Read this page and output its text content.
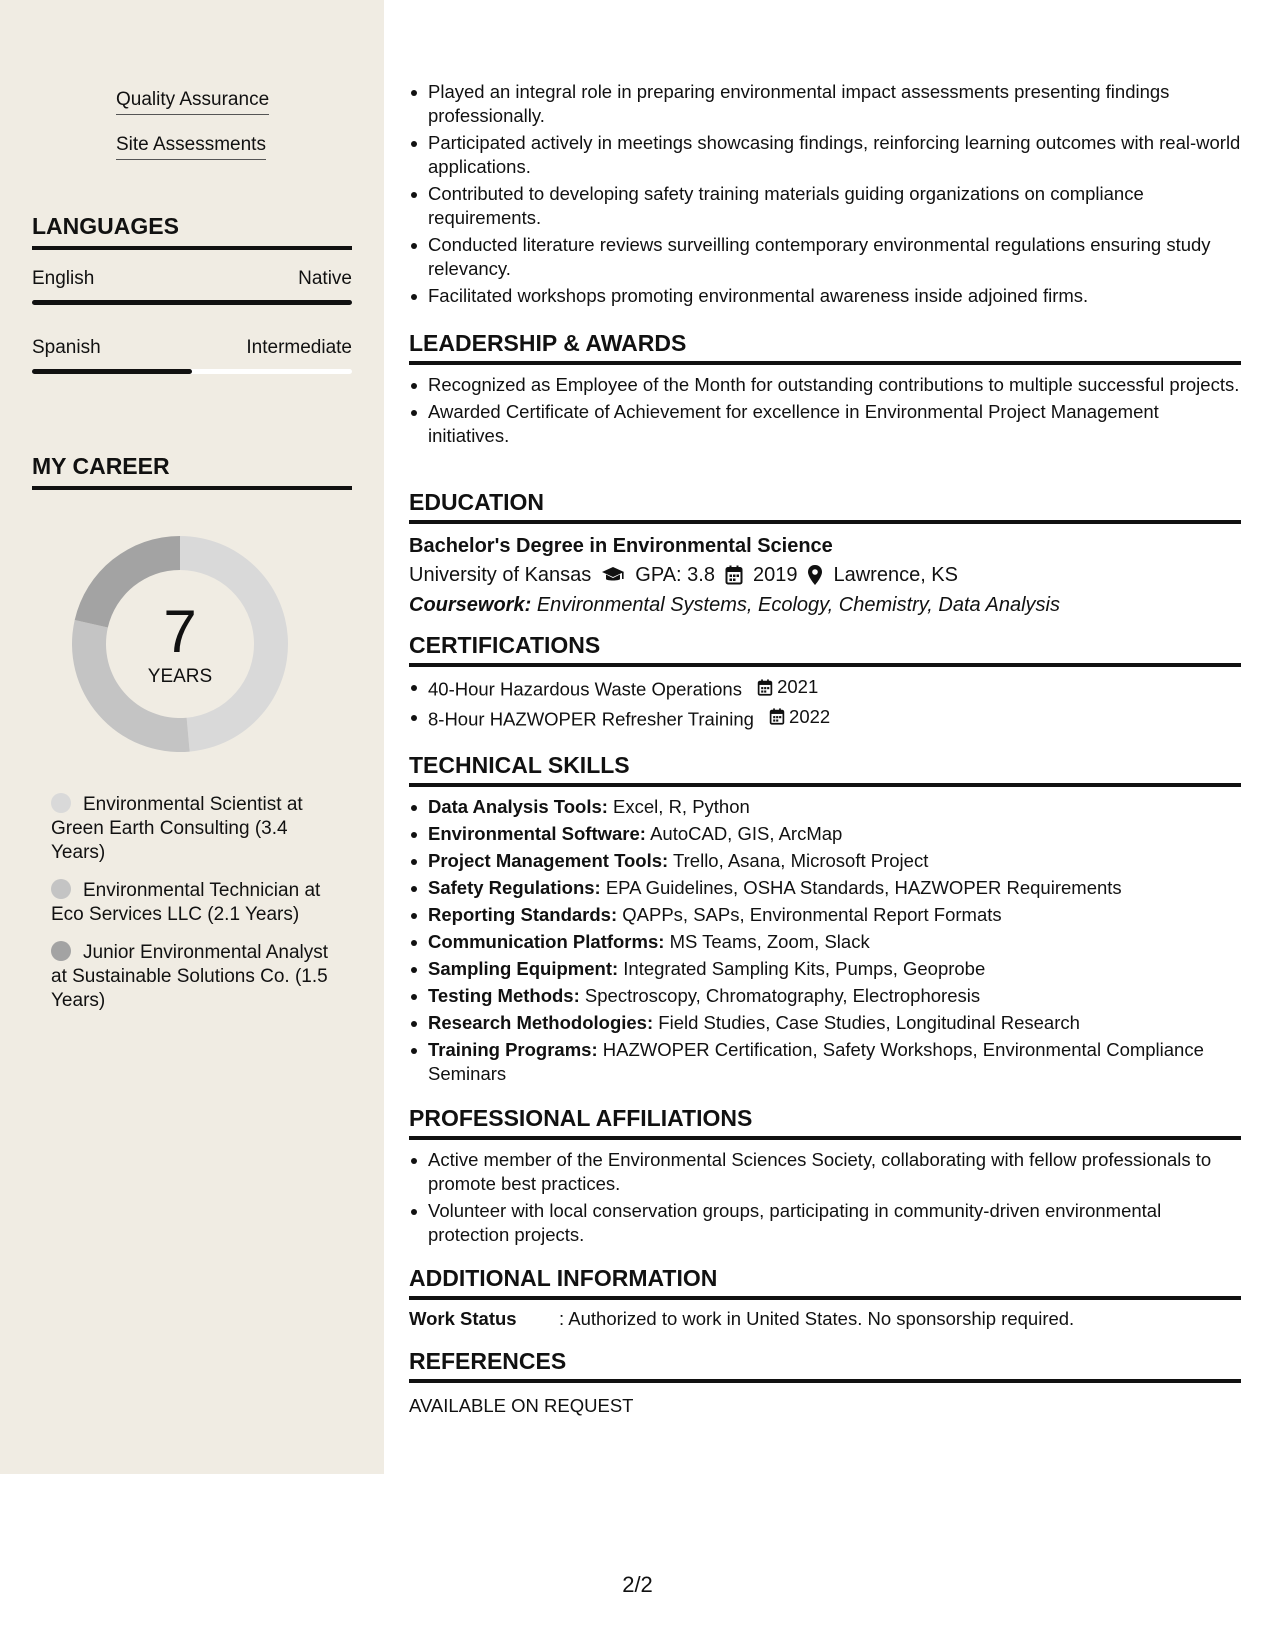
Quality Assurance
Site Assessments
LANGUAGES
English	Native
Spanish	Intermediate
MY CAREER
7
YEARS
Environmental Scientist at Green Earth Consulting (3.4 Years)
Environmental Technician at Eco Services LLC (2.1 Years)
Junior Environmental Analyst at Sustainable Solutions Co. (1.5 Years)
Played an integral role in preparing environmental impact assessments presenting findings professionally.
Participated actively in meetings showcasing findings, reinforcing learning outcomes with real-world applications.
Contributed to developing safety training materials guiding organizations on compliance requirements.
Conducted literature reviews surveilling contemporary environmental regulations ensuring study relevancy.
Facilitated workshops promoting environmental awareness inside adjoined firms.
LEADERSHIP & AWARDS
Recognized as Employee of the Month for outstanding contributions to multiple successful projects.
Awarded Certificate of Achievement for excellence in Environmental Project Management initiatives.
EDUCATION
Bachelor's Degree in Environmental Science
University of Kansas GPA: 3.8 2019 Lawrence, KS
Coursework: Environmental Systems, Ecology, Chemistry, Data Analysis
CERTIFICATIONS
40-Hour Hazardous Waste Operations 2021
8-Hour HAZWOPER Refresher Training 2022
TECHNICAL SKILLS
Data Analysis Tools: Excel, R, Python
Environmental Software: AutoCAD, GIS, ArcMap
Project Management Tools: Trello, Asana, Microsoft Project
Safety Regulations: EPA Guidelines, OSHA Standards, HAZWOPER Requirements
Reporting Standards: QAPPs, SAPs, Environmental Report Formats
Communication Platforms: MS Teams, Zoom, Slack
Sampling Equipment: Integrated Sampling Kits, Pumps, Geoprobe
Testing Methods: Spectroscopy, Chromatography, Electrophoresis
Research Methodologies: Field Studies, Case Studies, Longitudinal Research
Training Programs: HAZWOPER Certification, Safety Workshops, Environmental Compliance Seminars
PROFESSIONAL AFFILIATIONS
Active member of the Environmental Sciences Society, collaborating with fellow professionals to promote best practices.
Volunteer with local conservation groups, participating in community-driven environmental protection projects.
ADDITIONAL INFORMATION
Work Status	: Authorized to work in United States. No sponsorship required.
REFERENCES
AVAILABLE ON REQUEST
2/2
